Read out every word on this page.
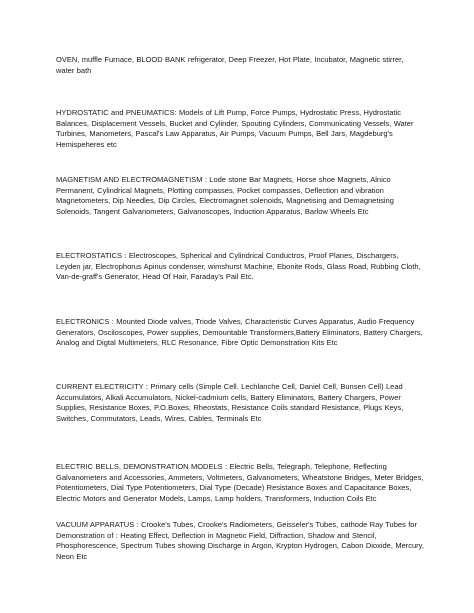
OVEN, muffle Furnace, BLOOD BANK refrigerator, Deep Freezer, Hot Plate, Incubator, Magnetic stirrer, water bath

HYDROSTATIC and PNEUMATICS: Models of Lift Pump, Force Pumps, Hydrostatic Press, Hydrostatic Balances, Displacement Vessels, Bucket and Cylinder, Spouting Cylinders, Communicating Vessels, Water Turbines, Manometers, Pascal's Law Apparatus, Air Pumps, Vacuum Pumps, Bell Jars, Magdeburg's Hemispeheres etc

MAGNETISM AND ELECTROMAGNETISM : Lode stone Bar Magnets, Horse shoe Magnets, Alnico Permanent, Cylindrical Magnets, Plotting compasses, Pocket compasses, Deflection and vibration Magnetometers, Dip Needles, Dip Circles, Electromagnet solenoids, Magnetising and Demagnetising Solenoids, Tangent Galvanometers, Galvanoscopes, Induction Apparatus, Barlow Wheels Etc

ELECTROSTATICS : Electroscopes, Spherical and Cylindrical Conductros, Proof Planes, Dischargers, Leyden jar, Electrophorus Apinus condenser, wimshurst Machine, Ebonite Rods, Glass Road, Rubbing Cloth, Van-de-graff's Generator, Head Of Hair, Faraday's Pail Etc.

ELECTRONICS : Mounted Diode valves, Triode Valves, Characteristic Curves Apparatus, Audio Frequency Generators, Osciloscopes, Power supplies, Demountable Transformers,Battery Eliminators, Battery Chargers, Analog and Digtal Multimeters, RLC Resonance, Fibre Optic Demonstration Kits Etc

CURRENT ELECTRICITY : Primary cells (Simple Cell. Lechlanche Cell, Daniel Cell, Bunsen Cell) Lead Accumulators, Alkali Accumulators, Nickel-cadmium cells, Battery Eliminators, Battery Chargers, Power Supplies, Resistance Boxes, P.O.Boxes, Rheostats, Resistance Coils standard Resistance, Plugs Keys, Switches, Commutators, Leads, Wires, Cables, Terminals Etc

ELECTRIC BELLS, DEMONSTRATION MODELS : Electric Bells, Telegraph, Telephone, Reflecting Galvanometers and Accessories, Ammeters, Voltmeters, Galvanometers, Wheatstone Bridges, Meter Bridges, Potentiometers, Dial Type Potentiometers, Dial Type (Decade) Resistance Boxes and Capacitance Boxes, Electric Motors and Generator Models, Lamps, Lamp holders, Transformers, Induction Coils Etc

VACUUM APPARATUS : Crooke's Tubes, Crooke's Radiometers, Geisseler's Tubes, cathode Ray Tubes for Demonstration of : Heating Effect, Deflection in Magnetic Field, Diffraction, Shadow and Stencil, Phosphorescence, Spectrum Tubes showing Discharge in Argon, Krypton Hydrogen, Cabon Dioxide, Mercury, Neon Etc
